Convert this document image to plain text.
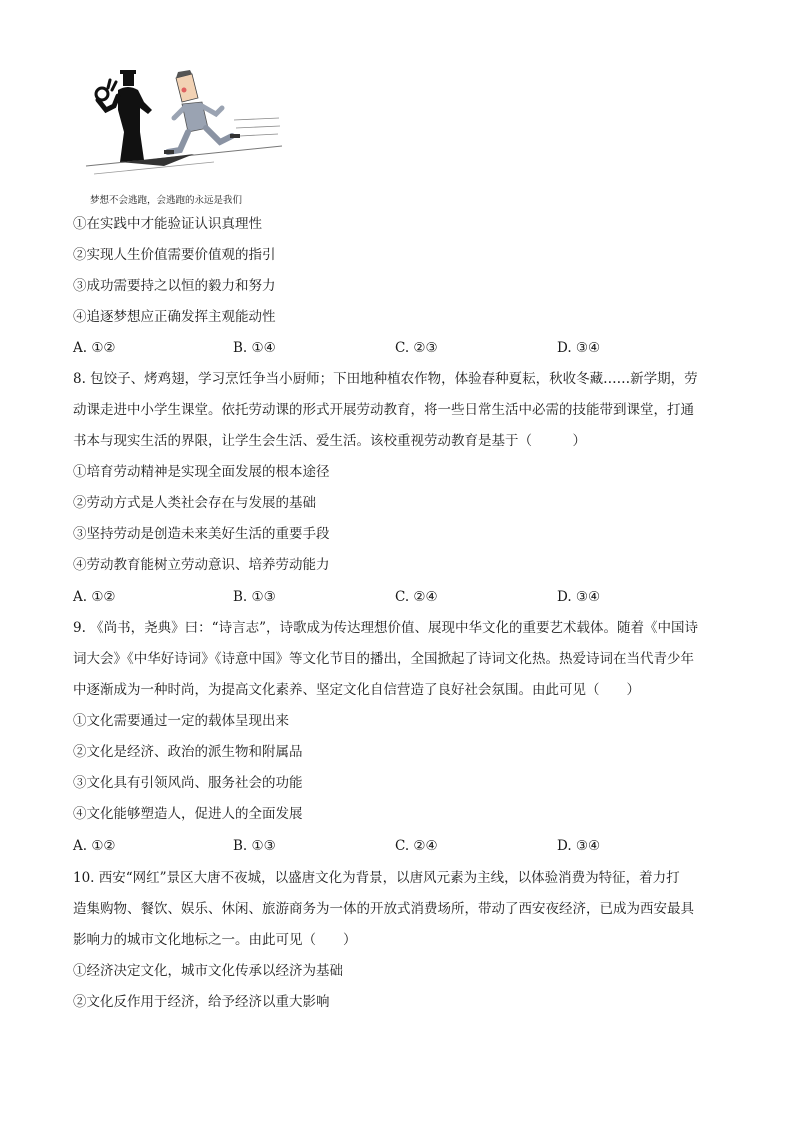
梦想不会逃跑，会逃跑的永远是我们
①在实践中才能验证认识真理性
②实现人生价值需要价值观的指引
③成功需要持之以恒的毅力和努力
④追逐梦想应正确发挥主观能动性
A. ①②	B. ①④	C. ②③	D. ③④
8. 包饺子、烤鸡翅，学习烹饪争当小厨师；下田地种植农作物，体验春种夏耘，秋收冬藏……新学期，劳
动课走进中小学生课堂。依托劳动课的形式开展劳动教育，将一些日常生活中必需的技能带到课堂，打通
书本与现实生活的界限，让学生会生活、爱生活。该校重视劳动教育是基于（　　　）
①培育劳动精神是实现全面发展的根本途径
②劳动方式是人类社会存在与发展的基础
③坚持劳动是创造未来美好生活的重要手段
④劳动教育能树立劳动意识、培养劳动能力
A. ①②	B. ①③	C. ②④	D. ③④
9. 《尚书，尧典》曰：“诗言志”，诗歌成为传达理想价值、展现中华文化的重要艺术载体。随着《中国诗
词大会》《中华好诗词》《诗意中国》等文化节目的播出，全国掀起了诗词文化热。热爱诗词在当代青少年
中逐渐成为一种时尚，为提高文化素养、坚定文化自信营造了良好社会氛围。由此可见（　　）
①文化需要通过一定的载体呈现出来
②文化是经济、政治的派生物和附属品
③文化具有引领风尚、服务社会的功能
④文化能够塑造人，促进人的全面发展
A. ①②	B. ①③	C. ②④	D. ③④
10. 西安“网红”景区大唐不夜城，以盛唐文化为背景，以唐风元素为主线，以体验消费为特征，着力打
造集购物、餐饮、娱乐、休闲、旅游商务为一体的开放式消费场所，带动了西安夜经济，已成为西安最具
影响力的城市文化地标之一。由此可见（　　）
①经济决定文化，城市文化传承以经济为基础
②文化反作用于经济，给予经济以重大影响
